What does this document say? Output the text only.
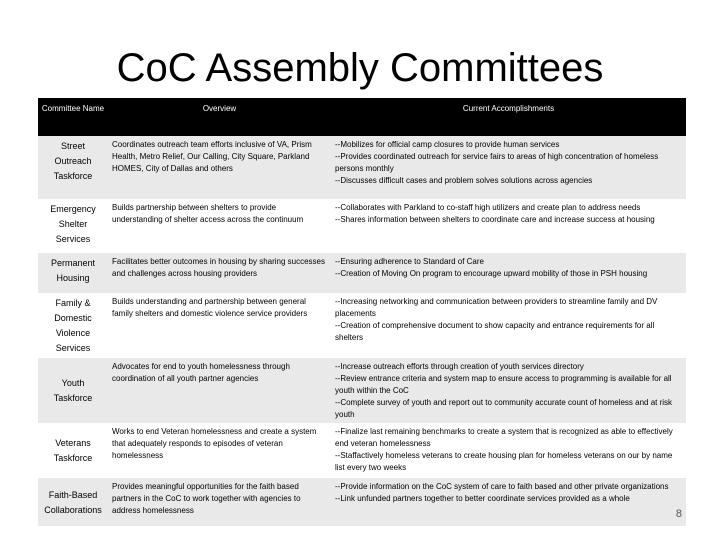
CoC Assembly Committees
Committee Name	Overview	Current Accomplishments
Street Outreach Taskforce	Coordinates outreach team efforts inclusive of VA, Prism Health, Metro Relief, Our Calling, City Square, Parkland HOMES, City of Dallas and others	--Mobilizes for official camp closures to provide human services
--Provides coordinated outreach for service fairs to areas of high concentration of homeless persons monthly
--Discusses difficult cases and problem solves solutions across agencies

Emergency Shelter Services	Builds partnership between shelters to provide understanding of shelter access across the continuum	--Collaborates with Parkland to co-staff high utilizers and create plan to address needs
--Shares information between shelters to coordinate care and increase success at housing

Permanent Housing	Facilitates better outcomes in housing by sharing successes and challenges across housing providers	--Ensuring adherence to Standard of Care
--Creation of Moving On program to encourage upward mobility of those in PSH housing

Family & Domestic Violence Services	Builds understanding and partnership between general family shelters and domestic violence service providers	--Increasing networking and communication between providers to streamline family and DV placements
--Creation of comprehensive document to show capacity and entrance requirements for all shelters

Youth Taskforce	Advocates for end to youth homelessness through coordination of all youth partner agencies	--Increase outreach efforts through creation of youth services directory
--Review entrance criteria and system map to ensure access to programming is available for all youth within the CoC
--Complete survey of youth and report out to community accurate count of homeless and at risk youth

Veterans Taskforce	Works to end Veteran homelessness and create a system that adequately responds to episodes of veteran homelessness	--Finalize last remaining benchmarks to create a system that is recognized as able to effectively end veteran homelessness
--Staffactively homeless veterans to create housing plan for homeless veterans on our by name list every two weeks

Faith-Based Collaborations	Provides meaningful opportunities for the faith based partners in the CoC to work together with agencies to address homelessness	--Provide information on the CoC system of care to faith based and other private organizations
--Link unfunded partners together to better coordinate services provided as a whole
8
